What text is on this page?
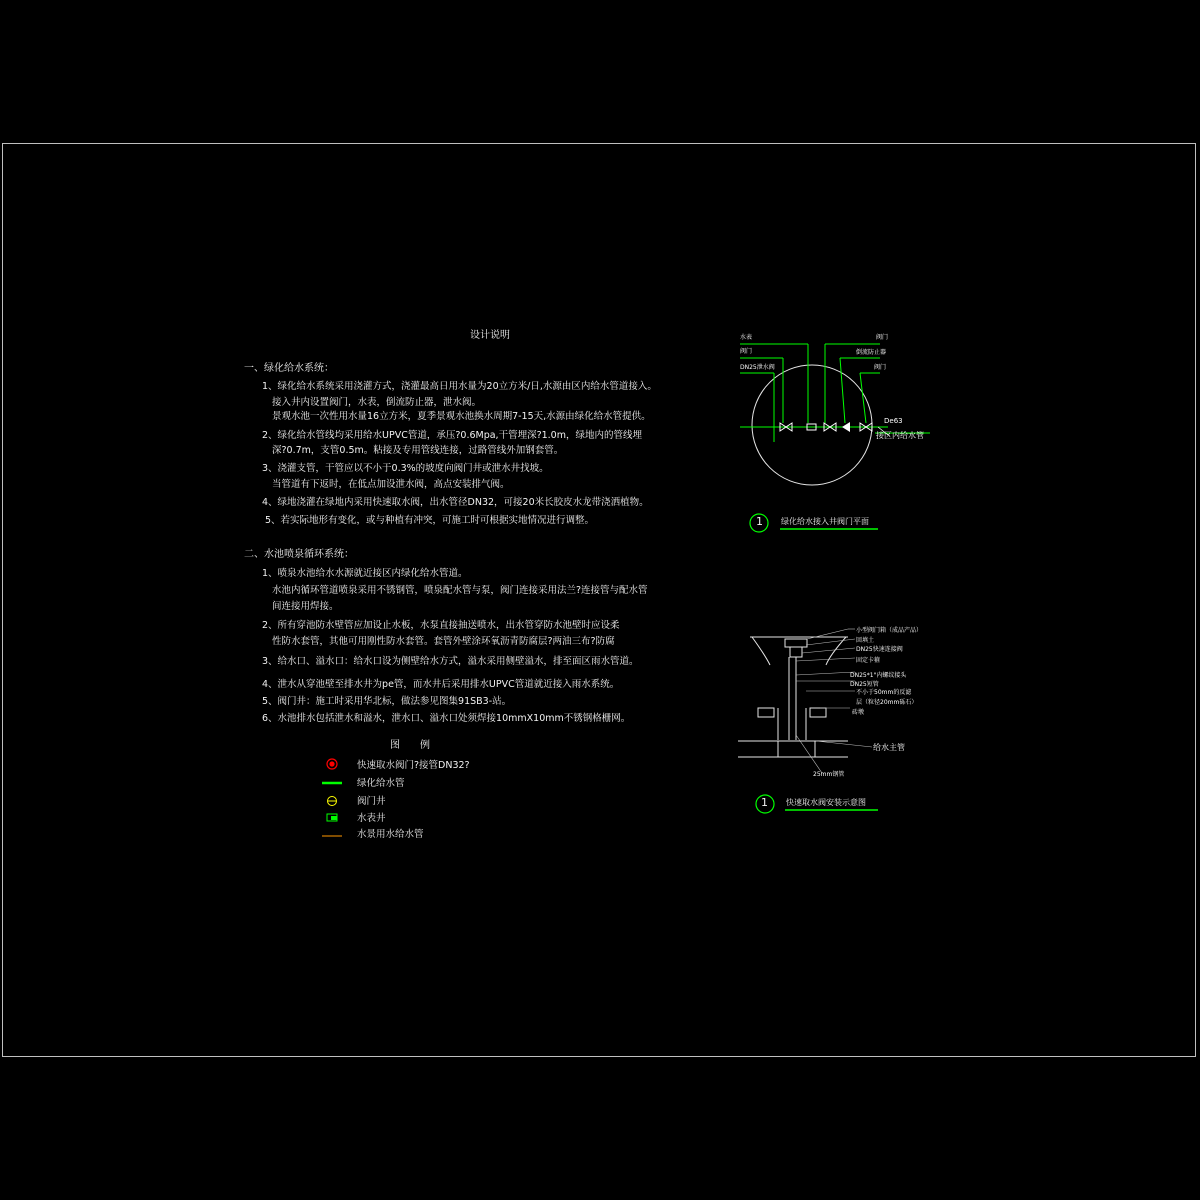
设计说明
一、绿化给水系统：
1、绿化给水系统采用浇灌方式，浇灌最高日用水量为20立方米/日,水源由区内给水管道接入。
接入井内设置阀门，水表，倒流防止器，泄水阀。
景观水池一次性用水量16立方米，夏季景观水池换水周期7-15天,水源由绿化给水管提供。
2、绿化给水管线均采用给水UPVC管道，承压?0.6Mpa,干管埋深?1.0m，绿地内的管线埋
深?0.7m，支管0.5m。粘接及专用管线连接，过路管线外加钢套管。
3、浇灌支管，干管应以不小于0.3%的坡度向阀门井或泄水井找坡。
当管道有下返时，在低点加设泄水阀，高点安装排气阀。
4、绿地浇灌在绿地内采用快速取水阀，出水管径DN32，可接20米长胶皮水龙带浇洒植物。
5、若实际地形有变化，或与种植有冲突，可施工时可根据实地情况进行调整。
二、水池喷泉循环系统：
1、喷泉水池给水水源就近接区内绿化给水管道。
水池内循环管道喷泉采用不锈钢管，喷泉配水管与泵，阀门连接采用法兰?连接管与配水管
间连接用焊接。
2、所有穿池防水壁管应加设止水板，水泵直接抽送喷水，出水管穿防水池壁时应设柔
性防水套管，其他可用刚性防水套管。套管外壁涂环氧沥青防腐层?两油三布?防腐
3、给水口、溢水口：给水口设为侧壁给水方式，溢水采用侧壁溢水，排至面区雨水管道。
4、泄水从穿池壁至排水井为pe管，而水井后采用排水UPVC管道就近接入雨水系统。
5、阀门井：施工时采用华北标，做法参见图集91SB3-站。
6、水池排水包括泄水和溢水，泄水口、溢水口处须焊接10mmX10mm不锈钢格栅网。
图　　例
快速取水阀门?接管DN32?
绿化给水管
阀门井
水表井
水景用水给水管
水表
阀门
DN25泄水阀
阀门
倒流防止器
阀门
De63
接区内给水管
1 绿化给水接入井阀门平面
小型阀门箱（成品产品）
回填土
DN25快速连接阀
固定卡箍
DN25*1"内螺纹接头
DN25短管
不小于50mm的反滤
层（粒径20mm砾石）
砖墩
给水主管
25mm钢管
1 快速取水阀安装示意图
